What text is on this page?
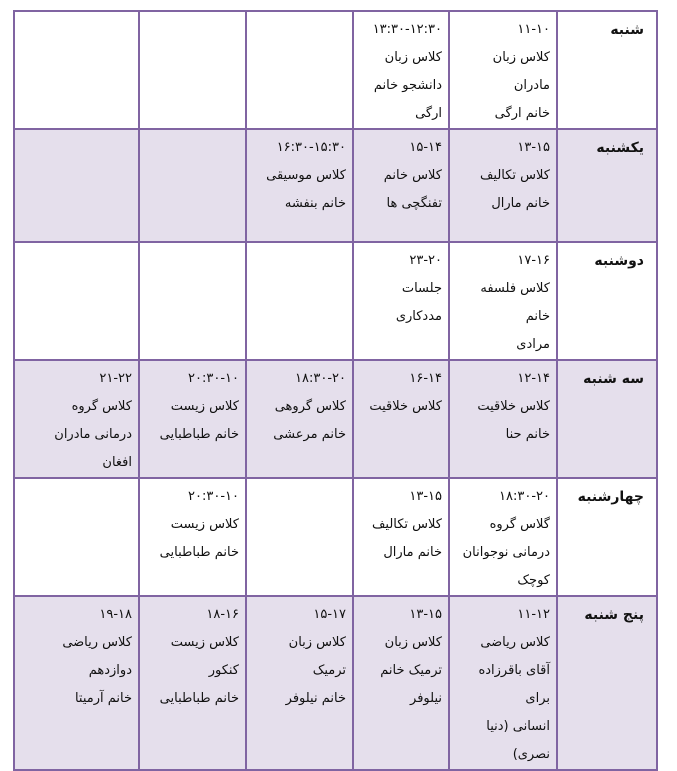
شنبه	۱۱-۱۰
کلاس زبان مادران
خانم ارگی	۱۳:۳۰-۱۲:۳۰
کلاس زبان
دانشجو خانم
ارگی			

یکشنبه	۱۳-۱۵
کلاس تکالیف
خانم مارال	۱۵-۱۴
کلاس خانم
تفنگچی ها	۱۶:۳۰-۱۵:۳۰
کلاس موسیقی
خانم بنفشه		

دوشنبه	۱۷-۱۶
کلاس فلسفه خانم
مرادی	۲۳-۲۰
جلسات
مددکاری			

سه شنبه	۱۲-۱۴
کلاس خلاقیت
خانم حنا	۱۶-۱۴
کلاس خلاقیت	۱۸:۳۰-۲۰
کلاس گروهی
خانم مرعشی	۲۰:۳۰-۱۰
کلاس زیست
خانم طباطبایی	۲۱-۲۲
کلاس گروه
درمانی مادران
افغان

چهارشنبه	۱۸:۳۰-۲۰
گلاس گروه
درمانی نوجوانان
کوچک	۱۳-۱۵
کلاس تکالیف
خانم مارال		۲۰:۳۰-۱۰
کلاس زیست
خانم طباطبایی	

پنج شنبه	۱۱-۱۲
کلاس ریاضی
آقای باقرزاده برای
انسانی (دنیا
نصری)	۱۳-۱۵
کلاس زبان
ترمیک خانم
نیلوفر	۱۵-۱۷
کلاس زبان
ترمیک
خانم نیلوفر	۱۸-۱۶
کلاس زیست
کنکور
خانم طباطبایی	۱۹-۱۸
کلاس ریاضی
دوازدهم
خانم آرمیتا
